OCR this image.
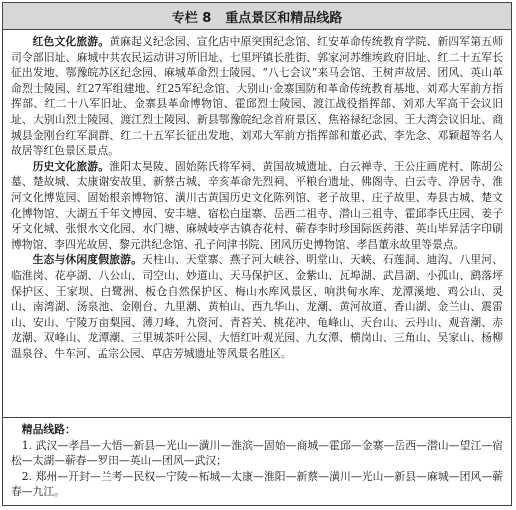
专栏 8 重点景区和精品线路

红色文化旅游。黄麻起义纪念园、宣化店中原突围纪念馆、红安革命传统教育学院、新四军第五师司令部旧址、麻城中共农民运动讲习所旧址、七里坪镇长胜街、郭家河苏维埃政府旧址、红二十五军长征出发地、鄂豫皖苏区纪念园、麻城革命烈士陵园、“八七会议”来马会馆、王树声故居、团风、英山革命烈士陵园、红27军组建地、红25军纪念馆、大别山·金寨国防和革命传统教育基地、刘邓大军前方指挥部、红二十八军旧址、金寨县革命博物馆、霍邱烈士陵园、渡江战役指挥部、刘邓大军高干会议旧址、大别山烈士陵园、渡江烈士陵园、新县鄂豫皖纪念首府景区、焦裕禄纪念园、王大湾会议旧址、商城县金刚台红军洞群、红二十五军长征出发地、刘邓大军前方指挥部和董必武、李先念、邓颖超等名人故居等红色景区景点。

历史文化旅游。淮阳太昊陵、固始陈氏将军祠、黄国故城遗址、白云禅寺、王公庄画虎村、陈胡公墓、楚故城、太康谢安故里、新蔡古城、辛亥革命先烈祠、平粮台遗址、佛阁寺、白云寺、净居寺、淮河文化博览园、固始根亲博物馆、潢川古黄国历史文化陈列馆、老子故里、庄子故里、寿县古城、楚文化博物馆、大湖五千年文博园、安丰塘、宿松白崖寨、岳西二祖寺、潜山三祖寺、霍邱李氏庄园、姜子牙文化城、张恨水文化园、水门塘、麻城岐亭古镇杏花村、蕲春李时珍国际医药港、英山毕昇活字印刷博物馆、李四光故居、黎元洪纪念馆、孔子问津书院、团风历史博物馆、孝昌董永故里等景点。

生态与休闲度假旅游。天柱山、天堂寨、燕子河大峡谷、明堂山、天峡、石莲洞、迪沟、八里河、临淮岗、花亭湖、八公山、司空山、妙道山、天马保护区、金紫山、瓦埠湖、武昌湖、小孤山、鹞落坪保护区、王家坝、白鹭洲、板仓自然保护区、梅山水库风景区、响洪甸水库、龙潭溪地、鸡公山、灵山、南湾湖、汤泉池、金刚台、九里潮、黄柏山、西九华山、龙潮、黄河故道、香山湖、金兰山、震雷山、安山、宁陵万亩梨园、薄刀峰、九资河、青苔关、桃花冲、龟峰山、天台山、云丹山、观音潮、赤龙潮、双峰山、龙潭潮、三里城茶叶公园、大悟红叶观光园、九女潭、横岗山、三角山、吴家山、杨柳温泉谷、牛车河、孟宗公园、草店芳城遗址等风景名胜区。

精品线路：

1. 武汉—孝昌—大悟—新县—光山—潢川—淮滨—固始—商城—霍邱—金寨—岳西—潜山—望江—宿松—太湖—蕲春—罗田—英山—团风—武汉；

2. 郑州—开封—兰考—民权—宁陵—柘城—太康—淮阳—新蔡—潢川—光山—新县—麻城—团风—蕲春—九江。
